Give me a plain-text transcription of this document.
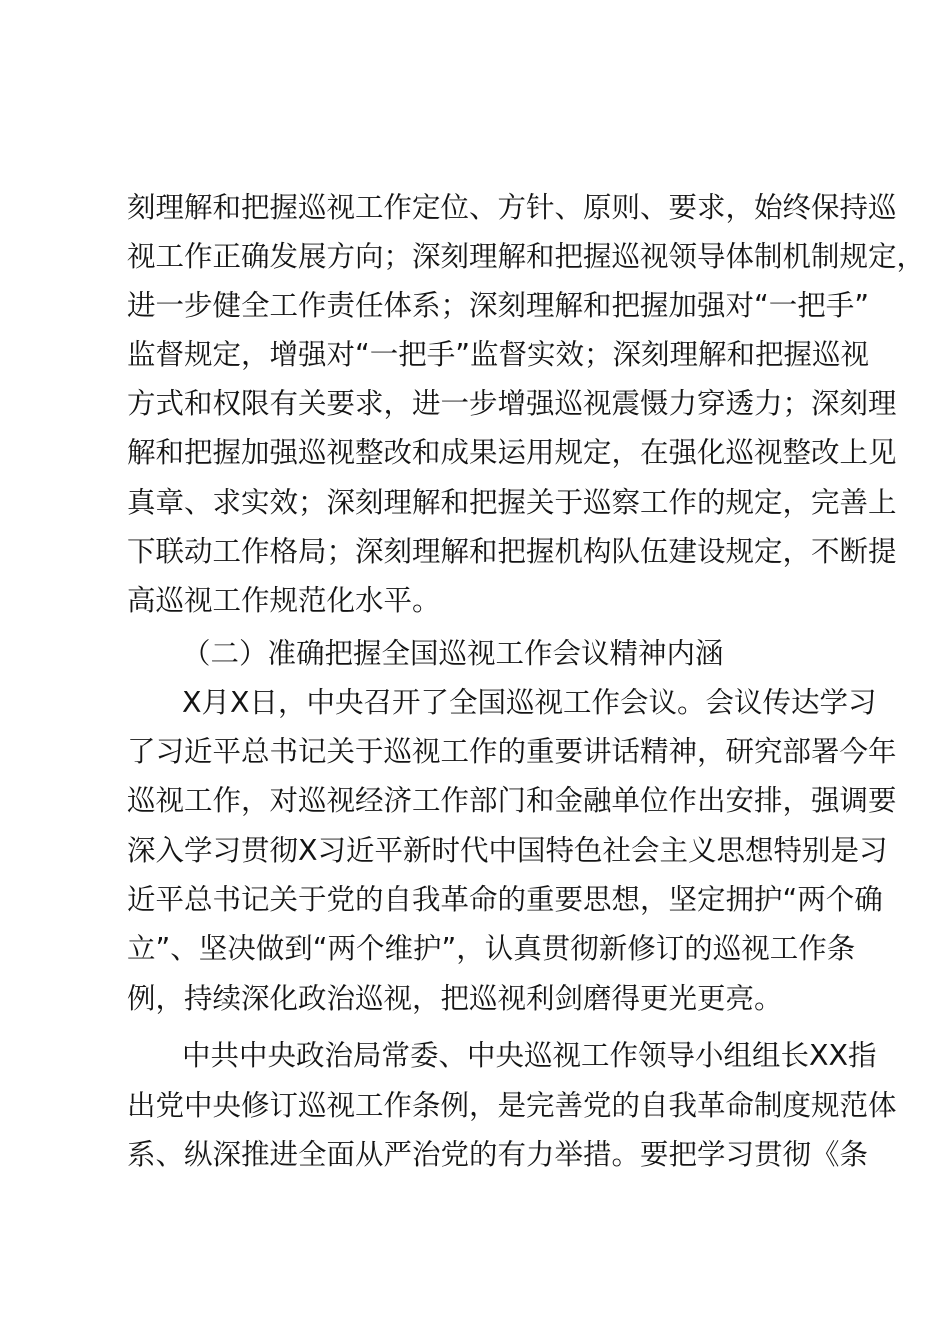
刻理解和把握巡视工作定位、方针、原则、要求，始终保持巡
视工作正确发展方向；深刻理解和把握巡视领导体制机制规定，
进一步健全工作责任体系；深刻理解和把握加强对“一把手”
监督规定，增强对“一把手”监督实效；深刻理解和把握巡视
方式和权限有关要求，进一步增强巡视震慑力穿透力；深刻理
解和把握加强巡视整改和成果运用规定，在强化巡视整改上见
真章、求实效；深刻理解和把握关于巡察工作的规定，完善上
下联动工作格局；深刻理解和把握机构队伍建设规定，不断提
高巡视工作规范化水平。
（二）准确把握全国巡视工作会议精神内涵
X月X日，中央召开了全国巡视工作会议。会议传达学习
了习近平总书记关于巡视工作的重要讲话精神，研究部署今年
巡视工作，对巡视经济工作部门和金融单位作出安排，强调要
深入学习贯彻X习近平新时代中国特色社会主义思想特别是习
近平总书记关于党的自我革命的重要思想，坚定拥护“两个确
立”、坚决做到“两个维护”，认真贯彻新修订的巡视工作条
例，持续深化政治巡视，把巡视利剑磨得更光更亮。
中共中央政治局常委、中央巡视工作领导小组组长XX指
出党中央修订巡视工作条例，是完善党的自我革命制度规范体
系、纵深推进全面从严治党的有力举措。要把学习贯彻《条
